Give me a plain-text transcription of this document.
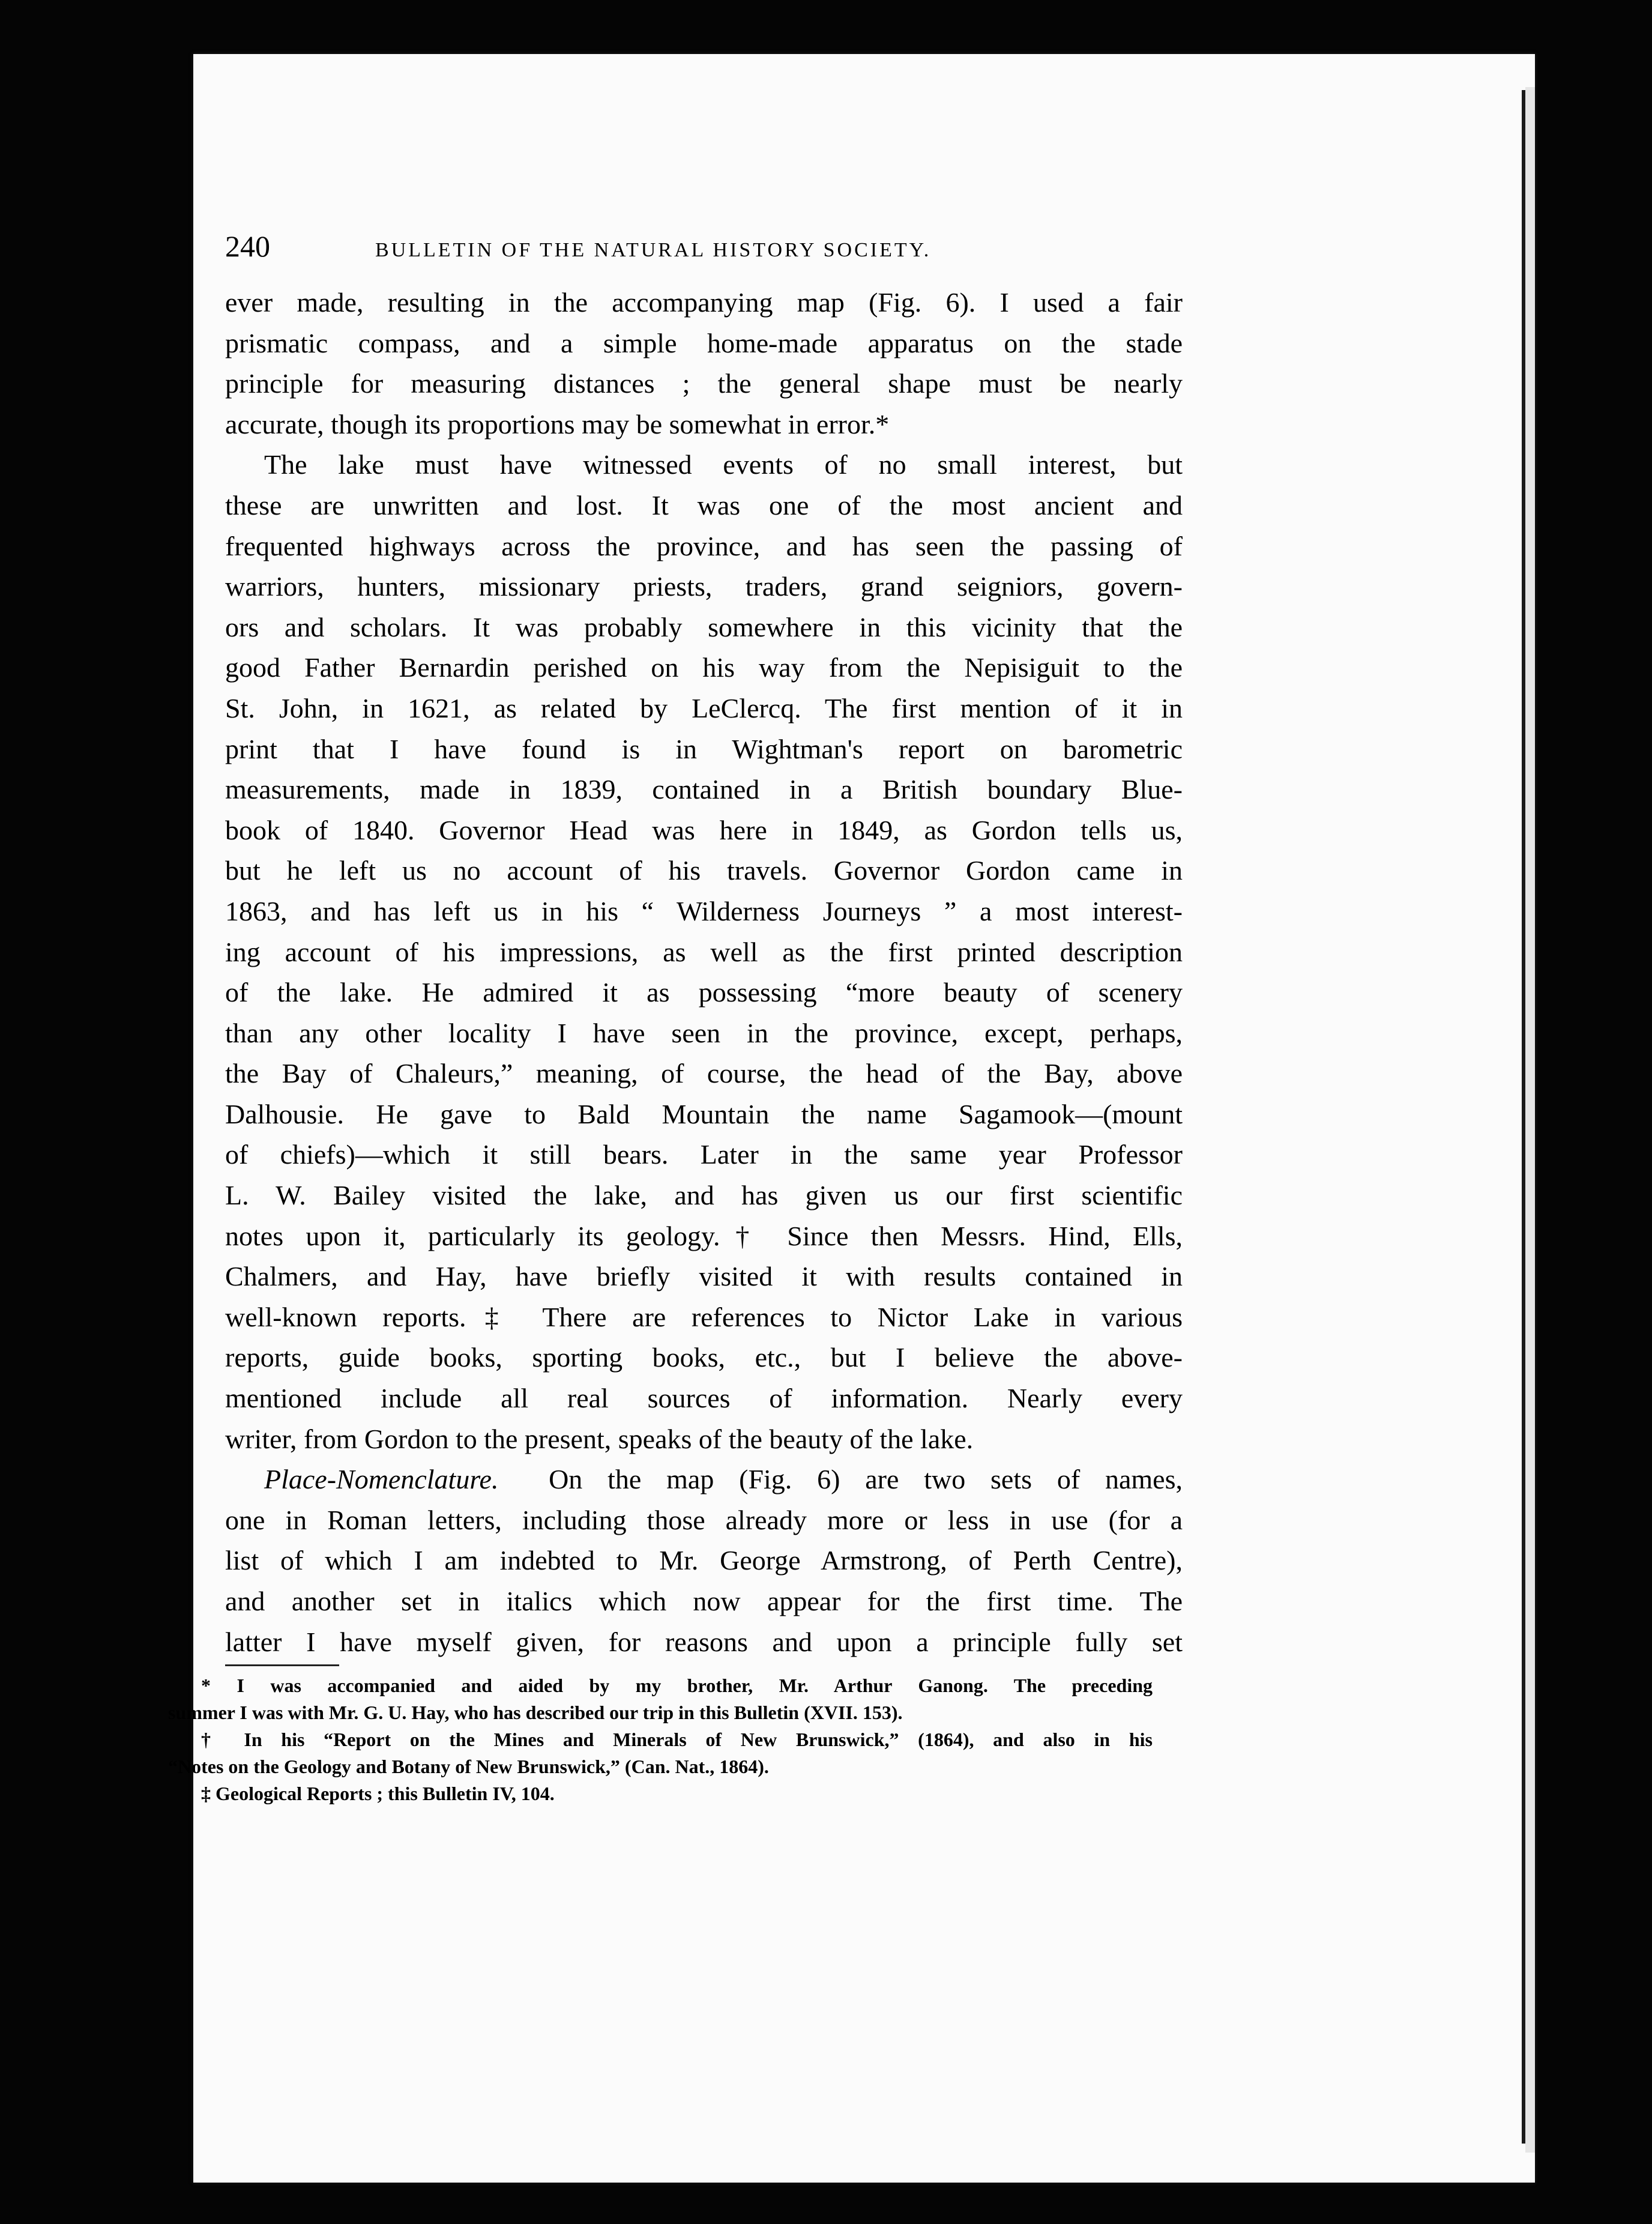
240	BULLETIN OF THE NATURAL HISTORY SOCIETY.
ever made, resulting in the accompanying map (Fig. 6). I used a fair
prismatic compass, and a simple home-made apparatus on the stade
principle for measuring distances ; the general shape must be nearly
accurate, though its proportions may be somewhat in error.*
The lake must have witnessed events of no small interest, but
these are unwritten and lost. It was one of the most ancient and
frequented highways across the province, and has seen the passing of
warriors, hunters, missionary priests, traders, grand seigniors, govern-
ors and scholars. It was probably somewhere in this vicinity that the
good Father Bernardin perished on his way from the Nepisiguit to the
St. John, in 1621, as related by LeClercq. The first mention of it in
print that I have found is in Wightman's report on barometric
measurements, made in 1839, contained in a British boundary Blue-
book of 1840. Governor Head was here in 1849, as Gordon tells us,
but he left us no account of his travels. Governor Gordon came in
1863, and has left us in his “ Wilderness Journeys ” a most interest-
ing account of his impressions, as well as the first printed description
of the lake. He admired it as possessing “more beauty of scenery
than any other locality I have seen in the province, except, perhaps,
the Bay of Chaleurs,” meaning, of course, the head of the Bay, above
Dalhousie. He gave to Bald Mountain the name Sagamook—(mount
of chiefs)—which it still bears. Later in the same year Professor
L. W. Bailey visited the lake, and has given us our first scientific
notes upon it, particularly its geology.† Since then Messrs. Hind, Ells,
Chalmers, and Hay, have briefly visited it with results contained in
well-known reports.‡ There are references to Nictor Lake in various
reports, guide books, sporting books, etc., but I believe the above-
mentioned include all real sources of information. Nearly every
writer, from Gordon to the present, speaks of the beauty of the lake.
Place-Nomenclature. On the map (Fig. 6) are two sets of names,
one in Roman letters, including those already more or less in use (for a
list of which I am indebted to Mr. George Armstrong, of Perth Centre),
and another set in italics which now appear for the first time. The
latter I have myself given, for reasons and upon a principle fully set
* I was accompanied and aided by my brother, Mr. Arthur Ganong. The preceding
summer I was with Mr. G. U. Hay, who has described our trip in this Bulletin (XVII. 153).
† In his “Report on the Mines and Minerals of New Brunswick,” (1864), and also in his
“Notes on the Geology and Botany of New Brunswick,” (Can. Nat., 1864).
‡ Geological Reports ; this Bulletin IV, 104.
